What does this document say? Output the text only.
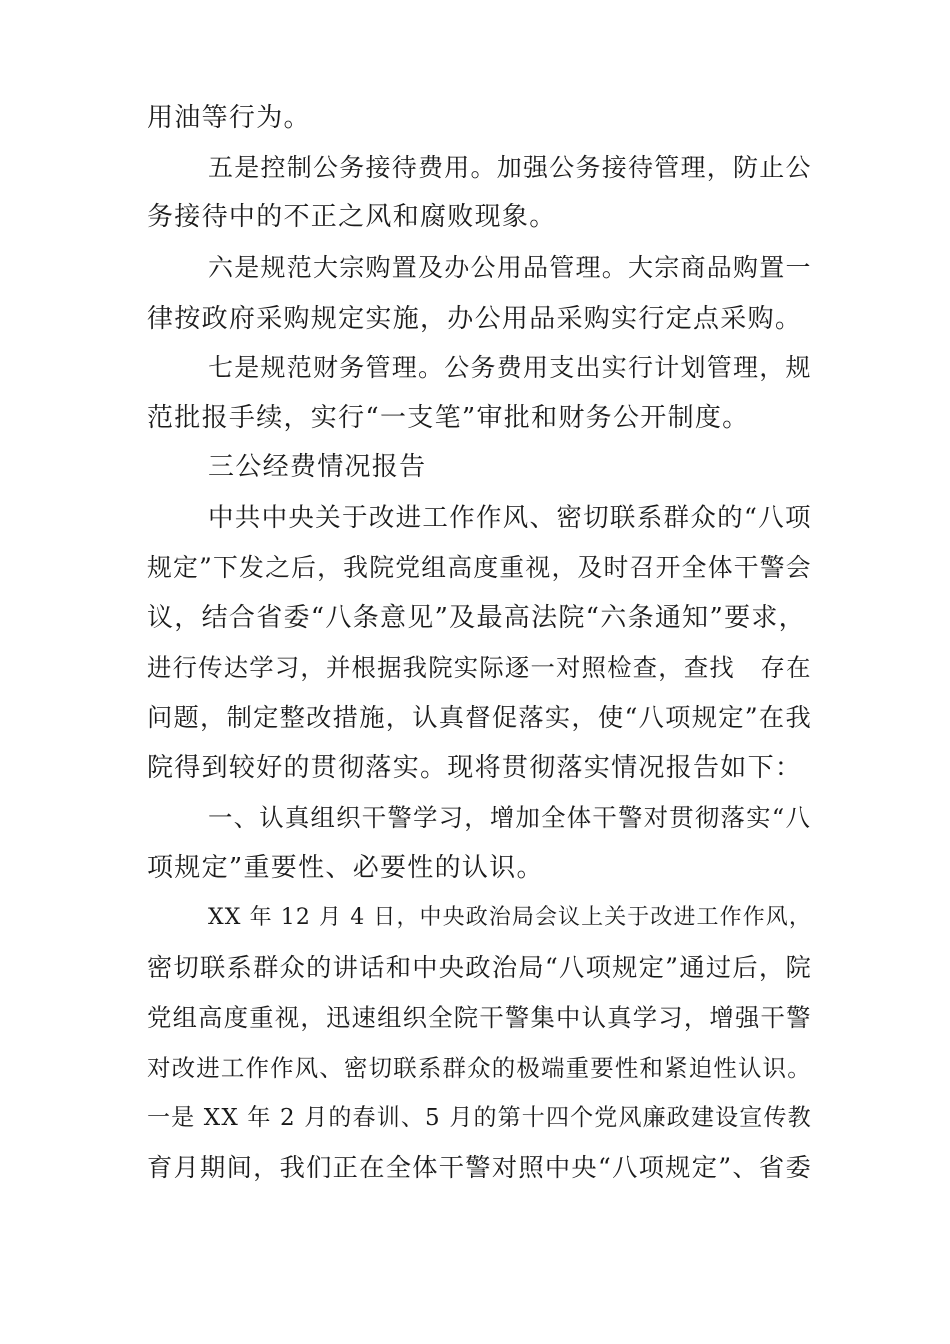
用油等行为。
五是控制公务接待费用。加强公务接待管理，防止公
务接待中的不正之风和腐败现象。
六是规范大宗购置及办公用品管理。大宗商品购置一
律按政府采购规定实施，办公用品采购实行定点采购。
七是规范财务管理。公务费用支出实行计划管理，规
范批报手续，实行“一支笔”审批和财务公开制度。
三公经费情况报告
中共中央关于改进工作作风、密切联系群众的“八项
规定”下发之后，我院党组高度重视，及时召开全体干警会
议，结合省委“八条意见”及最高法院“六条通知”要求，
进行传达学习，并根据我院实际逐一对照检查，查找　存在
问题，制定整改措施，认真督促落实，使“八项规定”在我
院得到较好的贯彻落实。现将贯彻落实情况报告如下：
一、认真组织干警学习，增加全体干警对贯彻落实“八
项规定”重要性、必要性的认识。
XX 年 12 月 4 日，中央政治局会议上关于改进工作作风，
密切联系群众的讲话和中央政治局“八项规定”通过后，院
党组高度重视，迅速组织全院干警集中认真学习，增强干警
对改进工作作风、密切联系群众的极端重要性和紧迫性认识。
一是 XX 年 2 月的春训、5 月的第十四个党风廉政建设宣传教
育月期间，我们正在全体干警对照中央“八项规定”、省委
